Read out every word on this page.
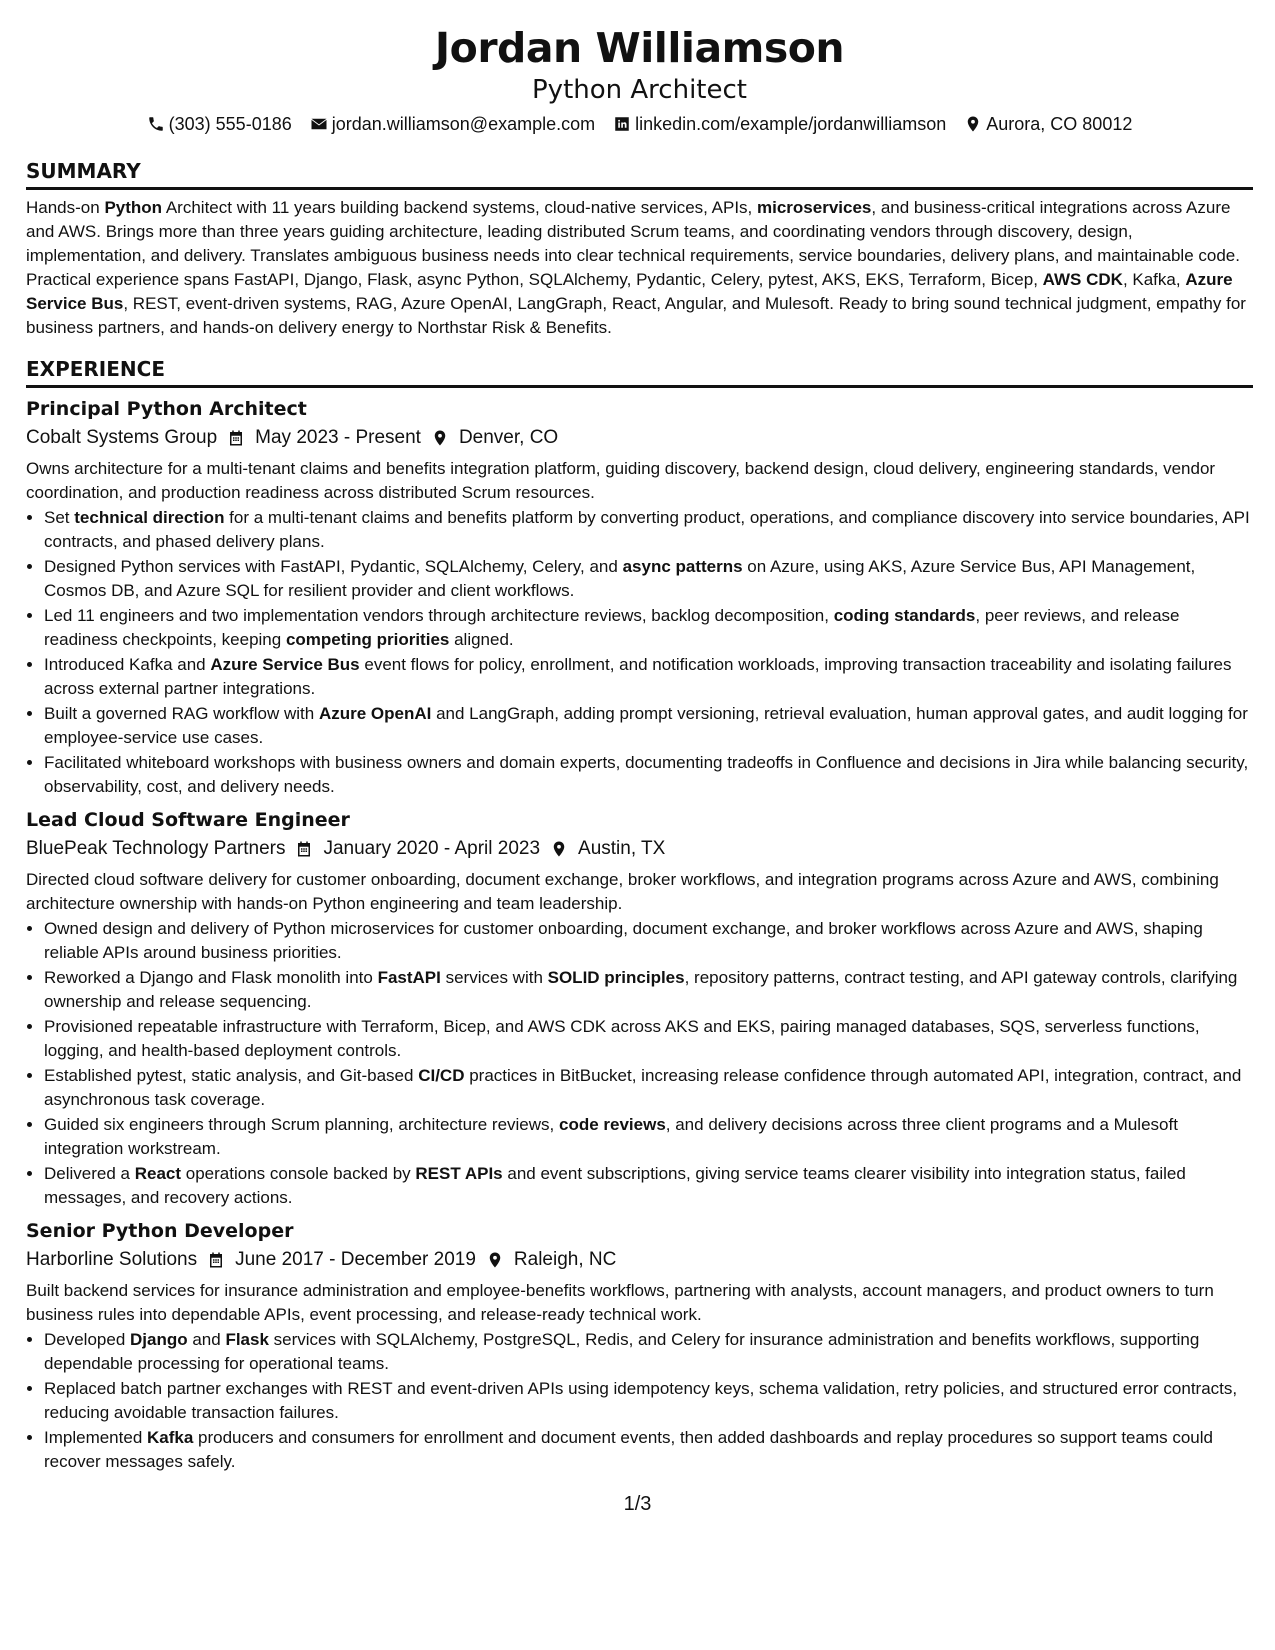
Jordan Williamson
Python Architect
(303) 555-0186 jordan.williamson@example.com linkedin.com/example/jordanwilliamson Aurora, CO 80012
SUMMARY
Hands-on Python Architect with 11 years building backend systems, cloud-native services, APIs, microservices, and business-critical integrations across Azure and AWS. Brings more than three years guiding architecture, leading distributed Scrum teams, and coordinating vendors through discovery, design, implementation, and delivery. Translates ambiguous business needs into clear technical requirements, service boundaries, delivery plans, and maintainable code. Practical experience spans FastAPI, Django, Flask, async Python, SQLAlchemy, Pydantic, Celery, pytest, AKS, EKS, Terraform, Bicep, AWS CDK, Kafka, Azure Service Bus, REST, event-driven systems, RAG, Azure OpenAI, LangGraph, React, Angular, and Mulesoft. Ready to bring sound technical judgment, empathy for business partners, and hands-on delivery energy to Northstar Risk & Benefits.
EXPERIENCE
Principal Python Architect
Cobalt Systems Group May 2023 - Present Denver, CO
Owns architecture for a multi-tenant claims and benefits integration platform, guiding discovery, backend design, cloud delivery, engineering standards, vendor coordination, and production readiness across distributed Scrum resources.
• Set technical direction for a multi-tenant claims and benefits platform by converting product, operations, and compliance discovery into service boundaries, API contracts, and phased delivery plans.
• Designed Python services with FastAPI, Pydantic, SQLAlchemy, Celery, and async patterns on Azure, using AKS, Azure Service Bus, API Management, Cosmos DB, and Azure SQL for resilient provider and client workflows.
• Led 11 engineers and two implementation vendors through architecture reviews, backlog decomposition, coding standards, peer reviews, and release readiness checkpoints, keeping competing priorities aligned.
• Introduced Kafka and Azure Service Bus event flows for policy, enrollment, and notification workloads, improving transaction traceability and isolating failures across external partner integrations.
• Built a governed RAG workflow with Azure OpenAI and LangGraph, adding prompt versioning, retrieval evaluation, human approval gates, and audit logging for employee-service use cases.
• Facilitated whiteboard workshops with business owners and domain experts, documenting tradeoffs in Confluence and decisions in Jira while balancing security, observability, cost, and delivery needs.
Lead Cloud Software Engineer
BluePeak Technology Partners January 2020 - April 2023 Austin, TX
Directed cloud software delivery for customer onboarding, document exchange, broker workflows, and integration programs across Azure and AWS, combining architecture ownership with hands-on Python engineering and team leadership.
• Owned design and delivery of Python microservices for customer onboarding, document exchange, and broker workflows across Azure and AWS, shaping reliable APIs around business priorities.
• Reworked a Django and Flask monolith into FastAPI services with SOLID principles, repository patterns, contract testing, and API gateway controls, clarifying ownership and release sequencing.
• Provisioned repeatable infrastructure with Terraform, Bicep, and AWS CDK across AKS and EKS, pairing managed databases, SQS, serverless functions, logging, and health-based deployment controls.
• Established pytest, static analysis, and Git-based CI/CD practices in BitBucket, increasing release confidence through automated API, integration, contract, and asynchronous task coverage.
• Guided six engineers through Scrum planning, architecture reviews, code reviews, and delivery decisions across three client programs and a Mulesoft integration workstream.
• Delivered a React operations console backed by REST APIs and event subscriptions, giving service teams clearer visibility into integration status, failed messages, and recovery actions.
Senior Python Developer
Harborline Solutions June 2017 - December 2019 Raleigh, NC
Built backend services for insurance administration and employee-benefits workflows, partnering with analysts, account managers, and product owners to turn business rules into dependable APIs, event processing, and release-ready technical work.
• Developed Django and Flask services with SQLAlchemy, PostgreSQL, Redis, and Celery for insurance administration and benefits workflows, supporting dependable processing for operational teams.
• Replaced batch partner exchanges with REST and event-driven APIs using idempotency keys, schema validation, retry policies, and structured error contracts, reducing avoidable transaction failures.
• Implemented Kafka producers and consumers for enrollment and document events, then added dashboards and replay procedures so support teams could recover messages safely.
1/3
